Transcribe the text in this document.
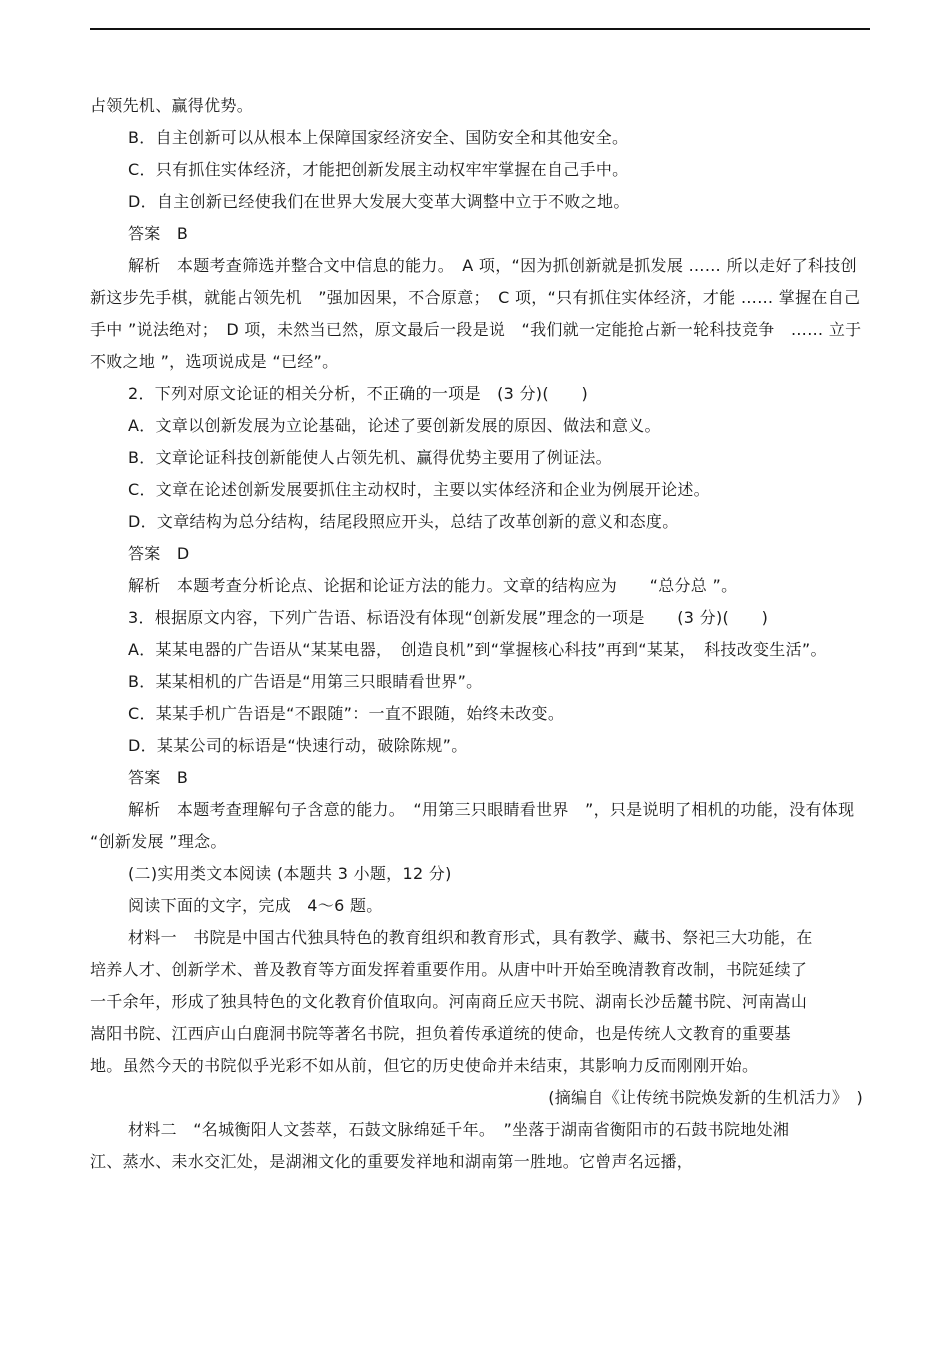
占领先机、赢得优势。

B．自主创新可以从根本上保障国家经济安全、国防安全和其他安全。

C．只有抓住实体经济，才能把创新发展主动权牢牢掌握在自己手中。

D．自主创新已经使我们在世界大发展大变革大调整中立于不败之地。

答案　B

解析　本题考查筛选并整合文中信息的能力。　A 项，“因为抓创新就是抓发展 …… 所以走好了科技创新这步先手棋，就能占领先机　”强加因果，不合原意；　C 项，“只有抓住实体经济，才能 …… 掌握在自己手中 ”说法绝对；　D 项，未然当已然，原文最后一段是说　“我们就一定能抢占新一轮科技竞争　…… 立于不败之地 ”，选项说成是 “已经”。

2．下列对原文论证的相关分析，不正确的一项是　(3 分)(　　)

A．文章以创新发展为立论基础，论述了要创新发展的原因、做法和意义。

B．文章论证科技创新能使人占领先机、赢得优势主要用了例证法。

C．文章在论述创新发展要抓住主动权时，主要以实体经济和企业为例展开论述。

D．文章结构为总分结构，结尾段照应开头，总结了改革创新的意义和态度。

答案　D

解析　本题考查分析论点、论据和论证方法的能力。文章的结构应为　　“总分总 ”。

3．根据原文内容，下列广告语、标语没有体现“创新发展”理念的一项是　　(3 分)(　　)

A．某某电器的广告语从“某某电器，　创造良机”到“掌握核心科技”再到“某某，　科技改变生活”。

B．某某相机的广告语是“用第三只眼睛看世界”。

C．某某手机广告语是“不跟随”：一直不跟随，始终未改变。

D．某某公司的标语是“快速行动，破除陈规”。

答案　B

解析　本题考查理解句子含意的能力。　“用第三只眼睛看世界　”，只是说明了相机的功能，没有体现 “创新发展 ”理念。

(二)实用类文本阅读 (本题共 3 小题，12 分)

阅读下面的文字，完成　4～6 题。

材料一　书院是中国古代独具特色的教育组织和教育形式，具有教学、藏书、祭祀三大功能，在培养人才、创新学术、普及教育等方面发挥着重要作用。从唐中叶开始至晚清教育改制，书院延续了一千余年，形成了独具特色的文化教育价值取向。河南商丘应天书院、湖南长沙岳麓书院、河南嵩山嵩阳书院、江西庐山白鹿洞书院等著名书院，担负着传承道统的使命，也是传统人文教育的重要基地。虽然今天的书院似乎光彩不如从前，但它的历史使命并未结束，其影响力反而刚刚开始。

(摘编自《让传统书院焕发新的生机活力》　)

材料二　“名城衡阳人文荟萃，石鼓文脉绵延千年。　”坐落于湖南省衡阳市的石鼓书院地处湘江、蒸水、耒水交汇处，是湖湘文化的重要发祥地和湖南第一胜地。它曾声名远播，
